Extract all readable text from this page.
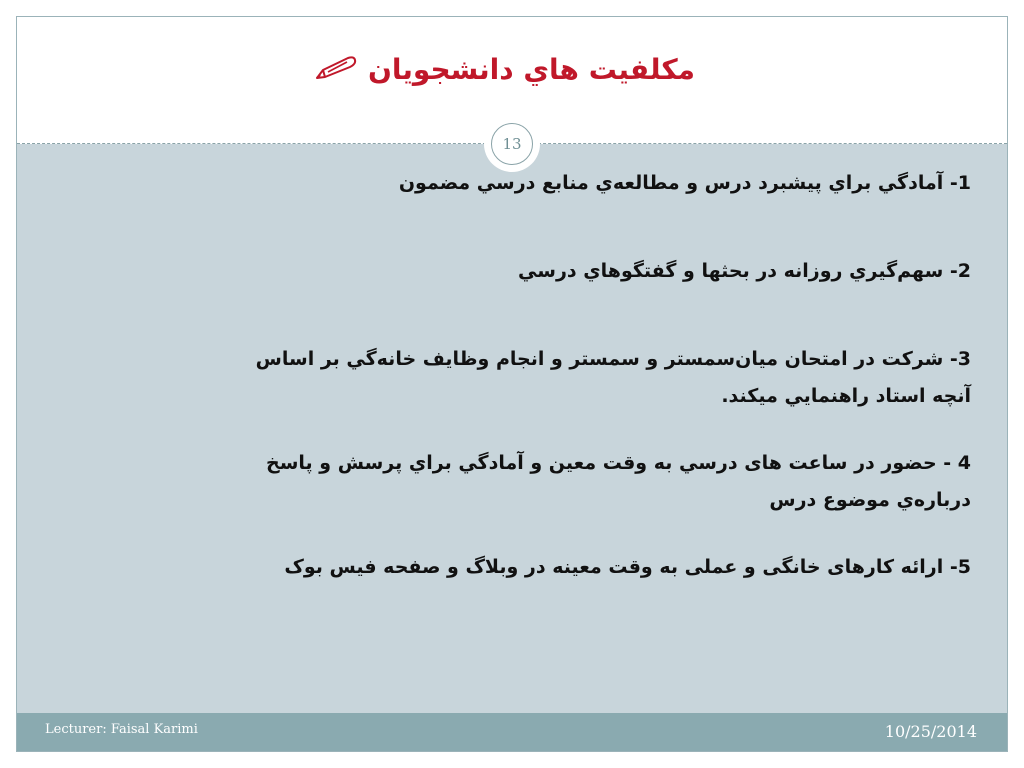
مكلفيت هاي دانشجويان
13
1- آمادگي براي پيشبرد درس و مطالعه‌ي منابع درسي مضمون
2- سهم‌گيري روزانه در بحثها و گفتگوهاي درسي
3- شركت در امتحان ميان‌سمستر و سمستر و انجام وظايف خانه‌گي بر اساس آنچه استاد راهنمايي ميكند.
4 - حضور در ساعت های درسي به وقت معين و آمادگي براي پرسش و پاسخ درباره‌ي موضوع درس
5- ارائه کارهای خانگی و عملی به وقت معینه در وبلاگ و صفحه فیس بوک
Lecturer: Faisal Karimi	10/25/2014
